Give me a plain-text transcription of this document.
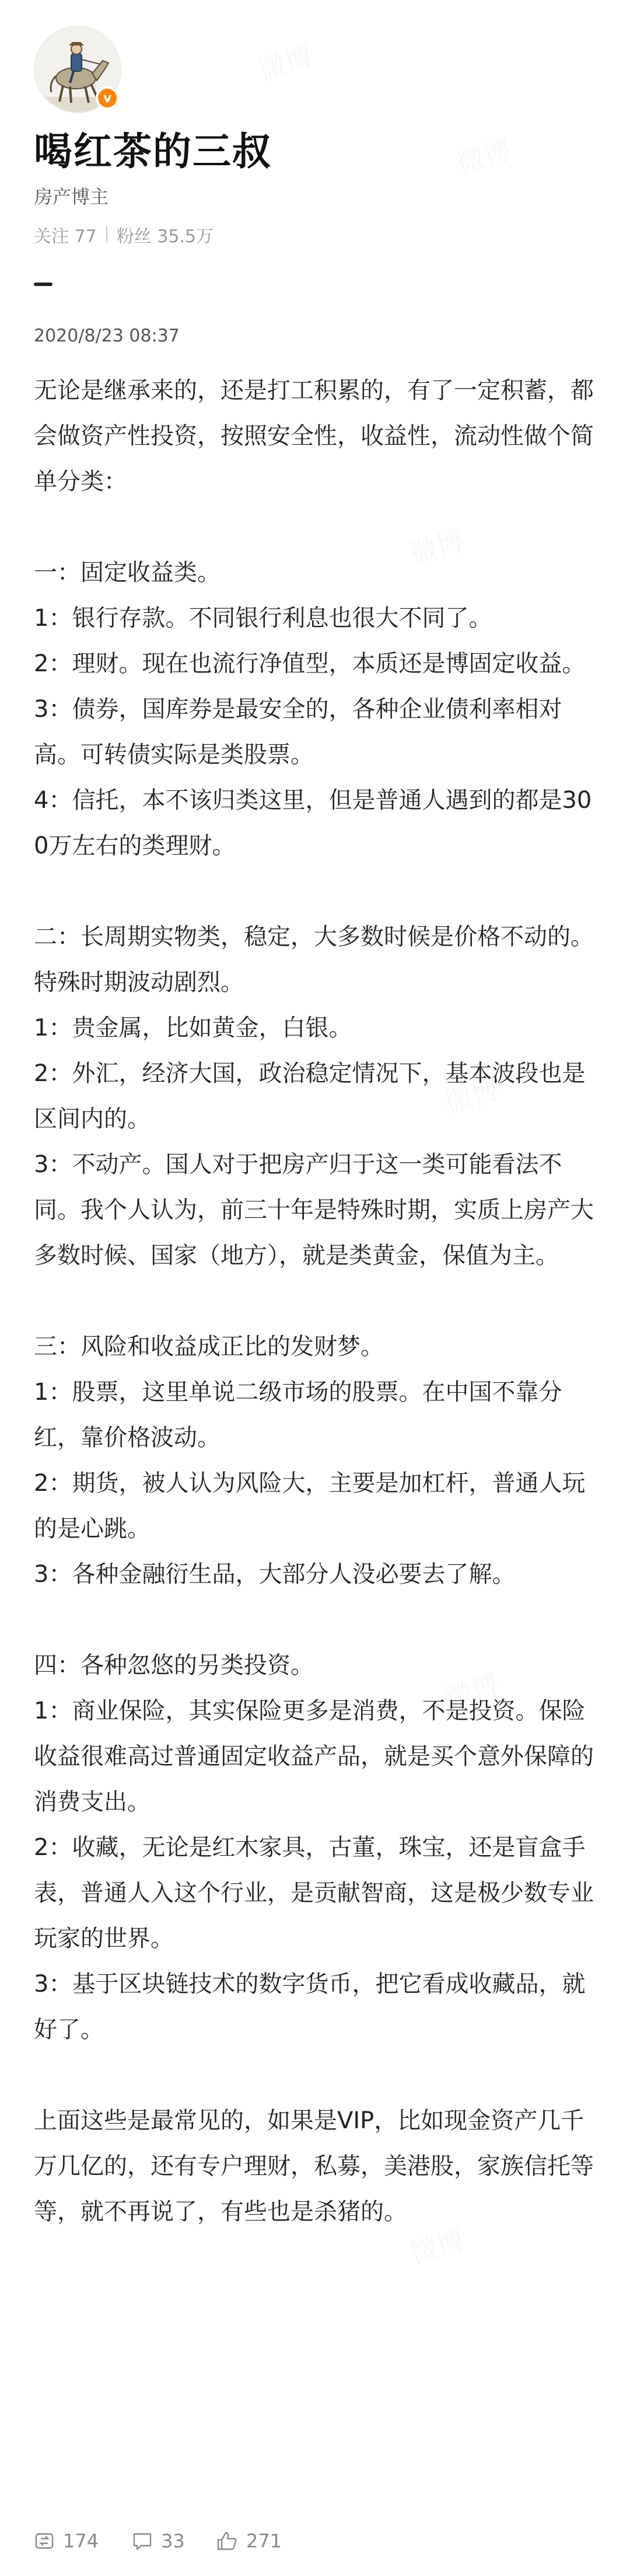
v
喝红茶的三叔
房产博主
关注 77 粉丝 35.5万
2020/8/23 08:37

无论是继承来的，还是打工积累的，有了一定积蓄，都会做资产性投资，按照安全性，收益性，流动性做个简单分类：

一：固定收益类。

1：银行存款。不同银行利息也很大不同了。

2：理财。现在也流行净值型，本质还是博固定收益。

3：债券，国库券是最安全的，各种企业债利率相对高。可转债实际是类股票。

4：信托，本不该归类这里，但是普通人遇到的都是300万左右的类理财。

二：长周期实物类，稳定，大多数时候是价格不动的。特殊时期波动剧烈。

1：贵金属，比如黄金，白银。

2：外汇，经济大国，政治稳定情况下，基本波段也是区间内的。

3：不动产。国人对于把房产归于这一类可能看法不同。我个人认为，前三十年是特殊时期，实质上房产大多数时候、国家（地方），就是类黄金，保值为主。

三：风险和收益成正比的发财梦。

1：股票，这里单说二级市场的股票。在中国不靠分红，靠价格波动。

2：期货，被人认为风险大，主要是加杠杆，普通人玩的是心跳。

3：各种金融衍生品，大部分人没必要去了解。

四：各种忽悠的另类投资。

1：商业保险，其实保险更多是消费，不是投资。保险收益很难高过普通固定收益产品，就是买个意外保障的消费支出。

2：收藏，无论是红木家具，古董，珠宝，还是盲盒手表，普通人入这个行业，是贡献智商，这是极少数专业玩家的世界。

3：基于区块链技术的数字货币，把它看成收藏品，就好了。

上面这些是最常见的，如果是VIP，比如现金资产几千万几亿的，还有专户理财，私募，美港股，家族信托等等，就不再说了，有些也是杀猪的。

174	33	271
